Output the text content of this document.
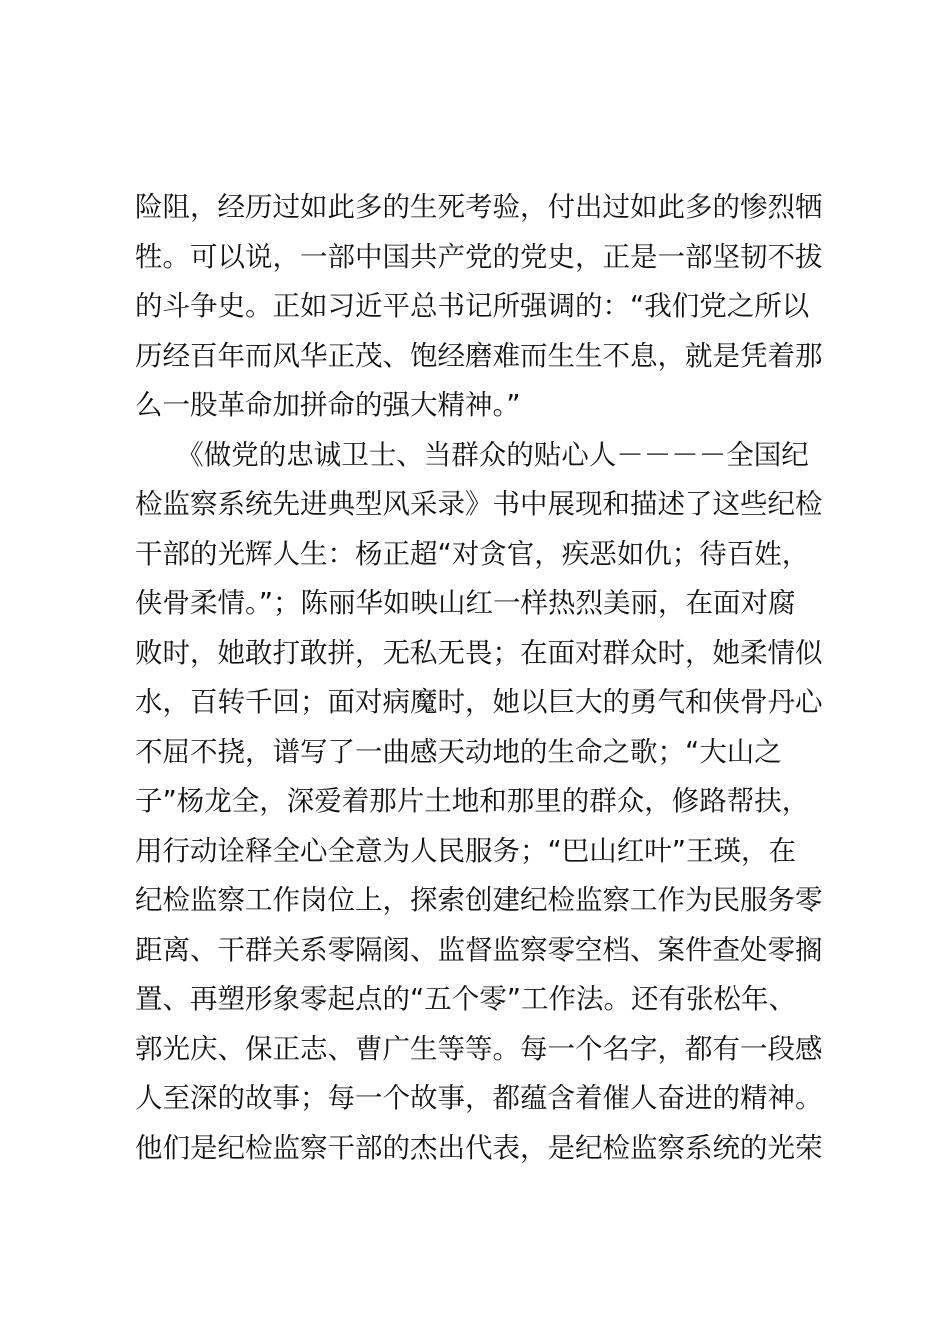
险阻，经历过如此多的生死考验，付出过如此多的惨烈牺
牲。可以说，一部中国共产党的党史，正是一部坚韧不拔
的斗争史。正如习近平总书记所强调的：“我们党之所以
历经百年而风华正茂、饱经磨难而生生不息，就是凭着那
么一股革命加拼命的强大精神。”
　　《做党的忠诚卫士、当群众的贴心人－－－－全国纪
检监察系统先进典型风采录》书中展现和描述了这些纪检
干部的光辉人生：杨正超“对贪官，疾恶如仇；待百姓，
侠骨柔情。”；陈丽华如映山红一样热烈美丽，在面对腐
败时，她敢打敢拼，无私无畏；在面对群众时，她柔情似
水，百转千回；面对病魔时，她以巨大的勇气和侠骨丹心
不屈不挠，谱写了一曲感天动地的生命之歌；“大山之
子”杨龙全，深爱着那片土地和那里的群众，修路帮扶，
用行动诠释全心全意为人民服务；“巴山红叶”王瑛，在
纪检监察工作岗位上，探索创建纪检监察工作为民服务零
距离、干群关系零隔阂、监督监察零空档、案件查处零搁
置、再塑形象零起点的“五个零”工作法。还有张松年、
郭光庆、保正志、曹广生等等。每一个名字，都有一段感
人至深的故事；每一个故事，都蕴含着催人奋进的精神。
他们是纪检监察干部的杰出代表，是纪检监察系统的光荣
